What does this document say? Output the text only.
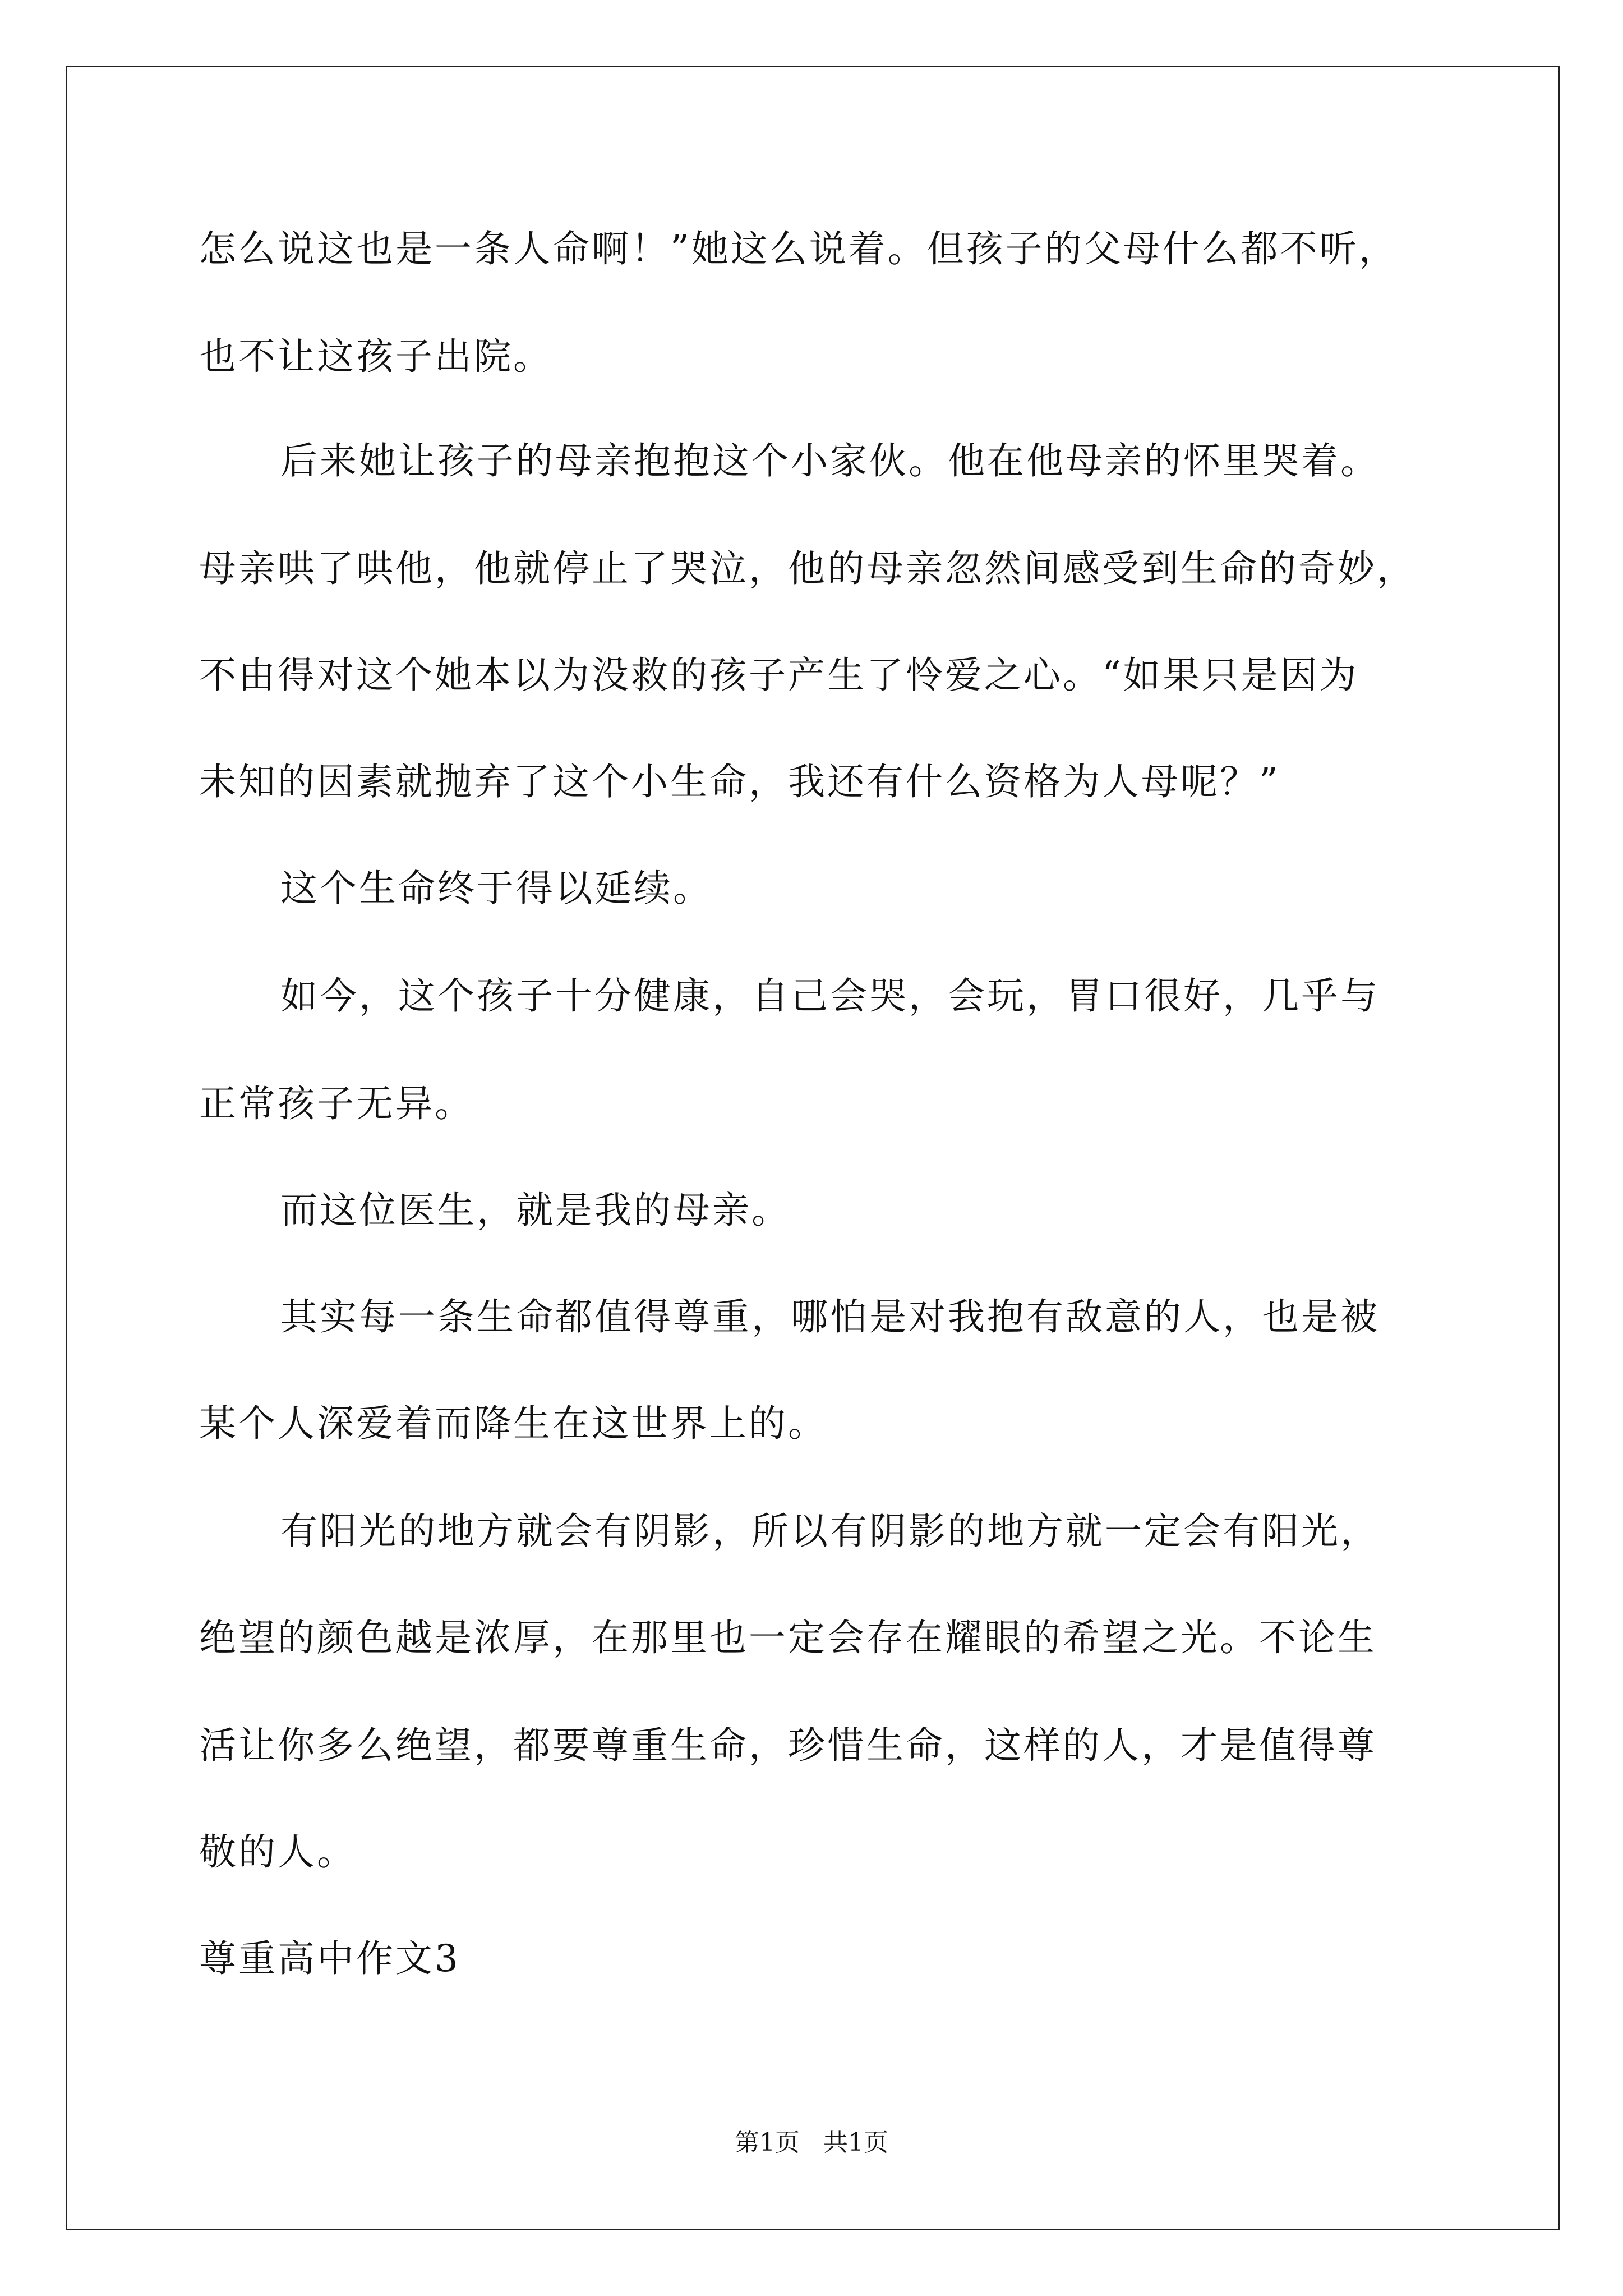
怎么说这也是一条人命啊！”她这么说着。但孩子的父母什么都不听，
也不让这孩子出院。
后来她让孩子的母亲抱抱这个小家伙。他在他母亲的怀里哭着。
母亲哄了哄他，他就停止了哭泣，他的母亲忽然间感受到生命的奇妙，
不由得对这个她本以为没救的孩子产生了怜爱之心。“如果只是因为
未知的因素就抛弃了这个小生命，我还有什么资格为人母呢？”
这个生命终于得以延续。
如今，这个孩子十分健康，自己会哭，会玩，胃口很好，几乎与
正常孩子无异。
而这位医生，就是我的母亲。
其实每一条生命都值得尊重，哪怕是对我抱有敌意的人，也是被
某个人深爱着而降生在这世界上的。
有阳光的地方就会有阴影，所以有阴影的地方就一定会有阳光，
绝望的颜色越是浓厚，在那里也一定会存在耀眼的希望之光。不论生
活让你多么绝望，都要尊重生命，珍惜生命，这样的人，才是值得尊
敬的人。
尊重高中作文3
第1页   共1页
